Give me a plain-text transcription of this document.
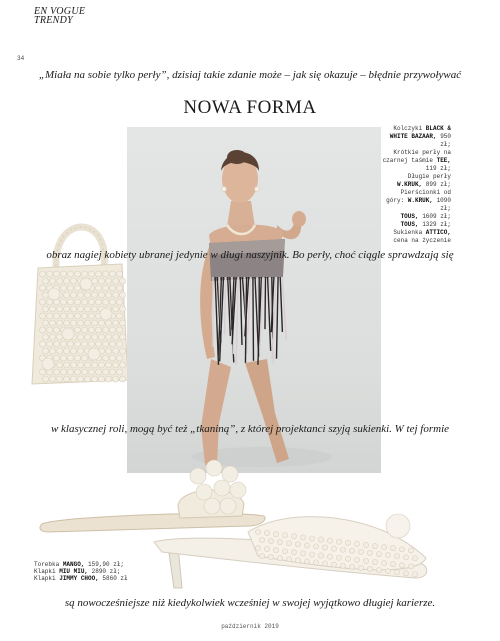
EN VOGUE
TRENDY
34
„Miała na sobie tylko perły”, dzisiaj takie zdanie może – jak się okazuje – błędnie przywoływać
NOWA FORMA
Kolczyki BLACK & WHITE BAZAAR, 950 zł;
Krótkie perły na czarnej taśmie TEE, 119 zł;
Długie perły W.KRUK, 899 zł;
Pierścionki od góry: W.KRUK, 1090 zł;
TOUS, 1609 zł;
TOUS, 1329 zł;
Sukienka ATTICO, cena na życzenie
obraz nagiej kobiety ubranej jedynie w długi naszyjnik. Bo perły, choć ciągle sprawdzają się
w klasycznej roli, mogą być też „tkaniną”, z której projektanci szyją sukienki. W tej formie
są nowocześniejsze niż kiedykolwiek wcześniej w swojej wyjątkowo długiej karierze.
Torebka MANGO, 159,90 zł;
Klapki MIU MIU, 2890 zł;
Klapki JIMMY CHOO, 5860 zł
październik 2019
